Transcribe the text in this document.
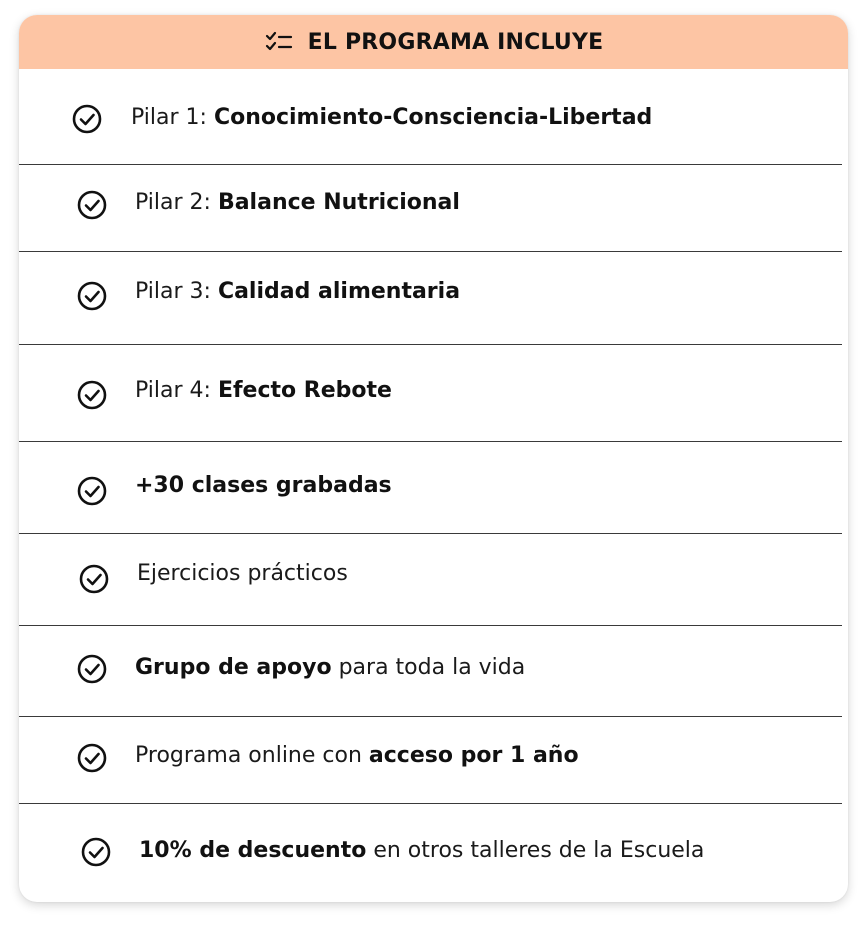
EL PROGRAMA INCLUYE
Pilar 1: Conocimiento-Consciencia-Libertad
Pilar 2: Balance Nutricional
Pilar 3: Calidad alimentaria
Pilar 4: Efecto Rebote
+30 clases grabadas
Ejercicios prácticos
Grupo de apoyo para toda la vida
Programa online con acceso por 1 año
10% de descuento en otros talleres de la Escuela
